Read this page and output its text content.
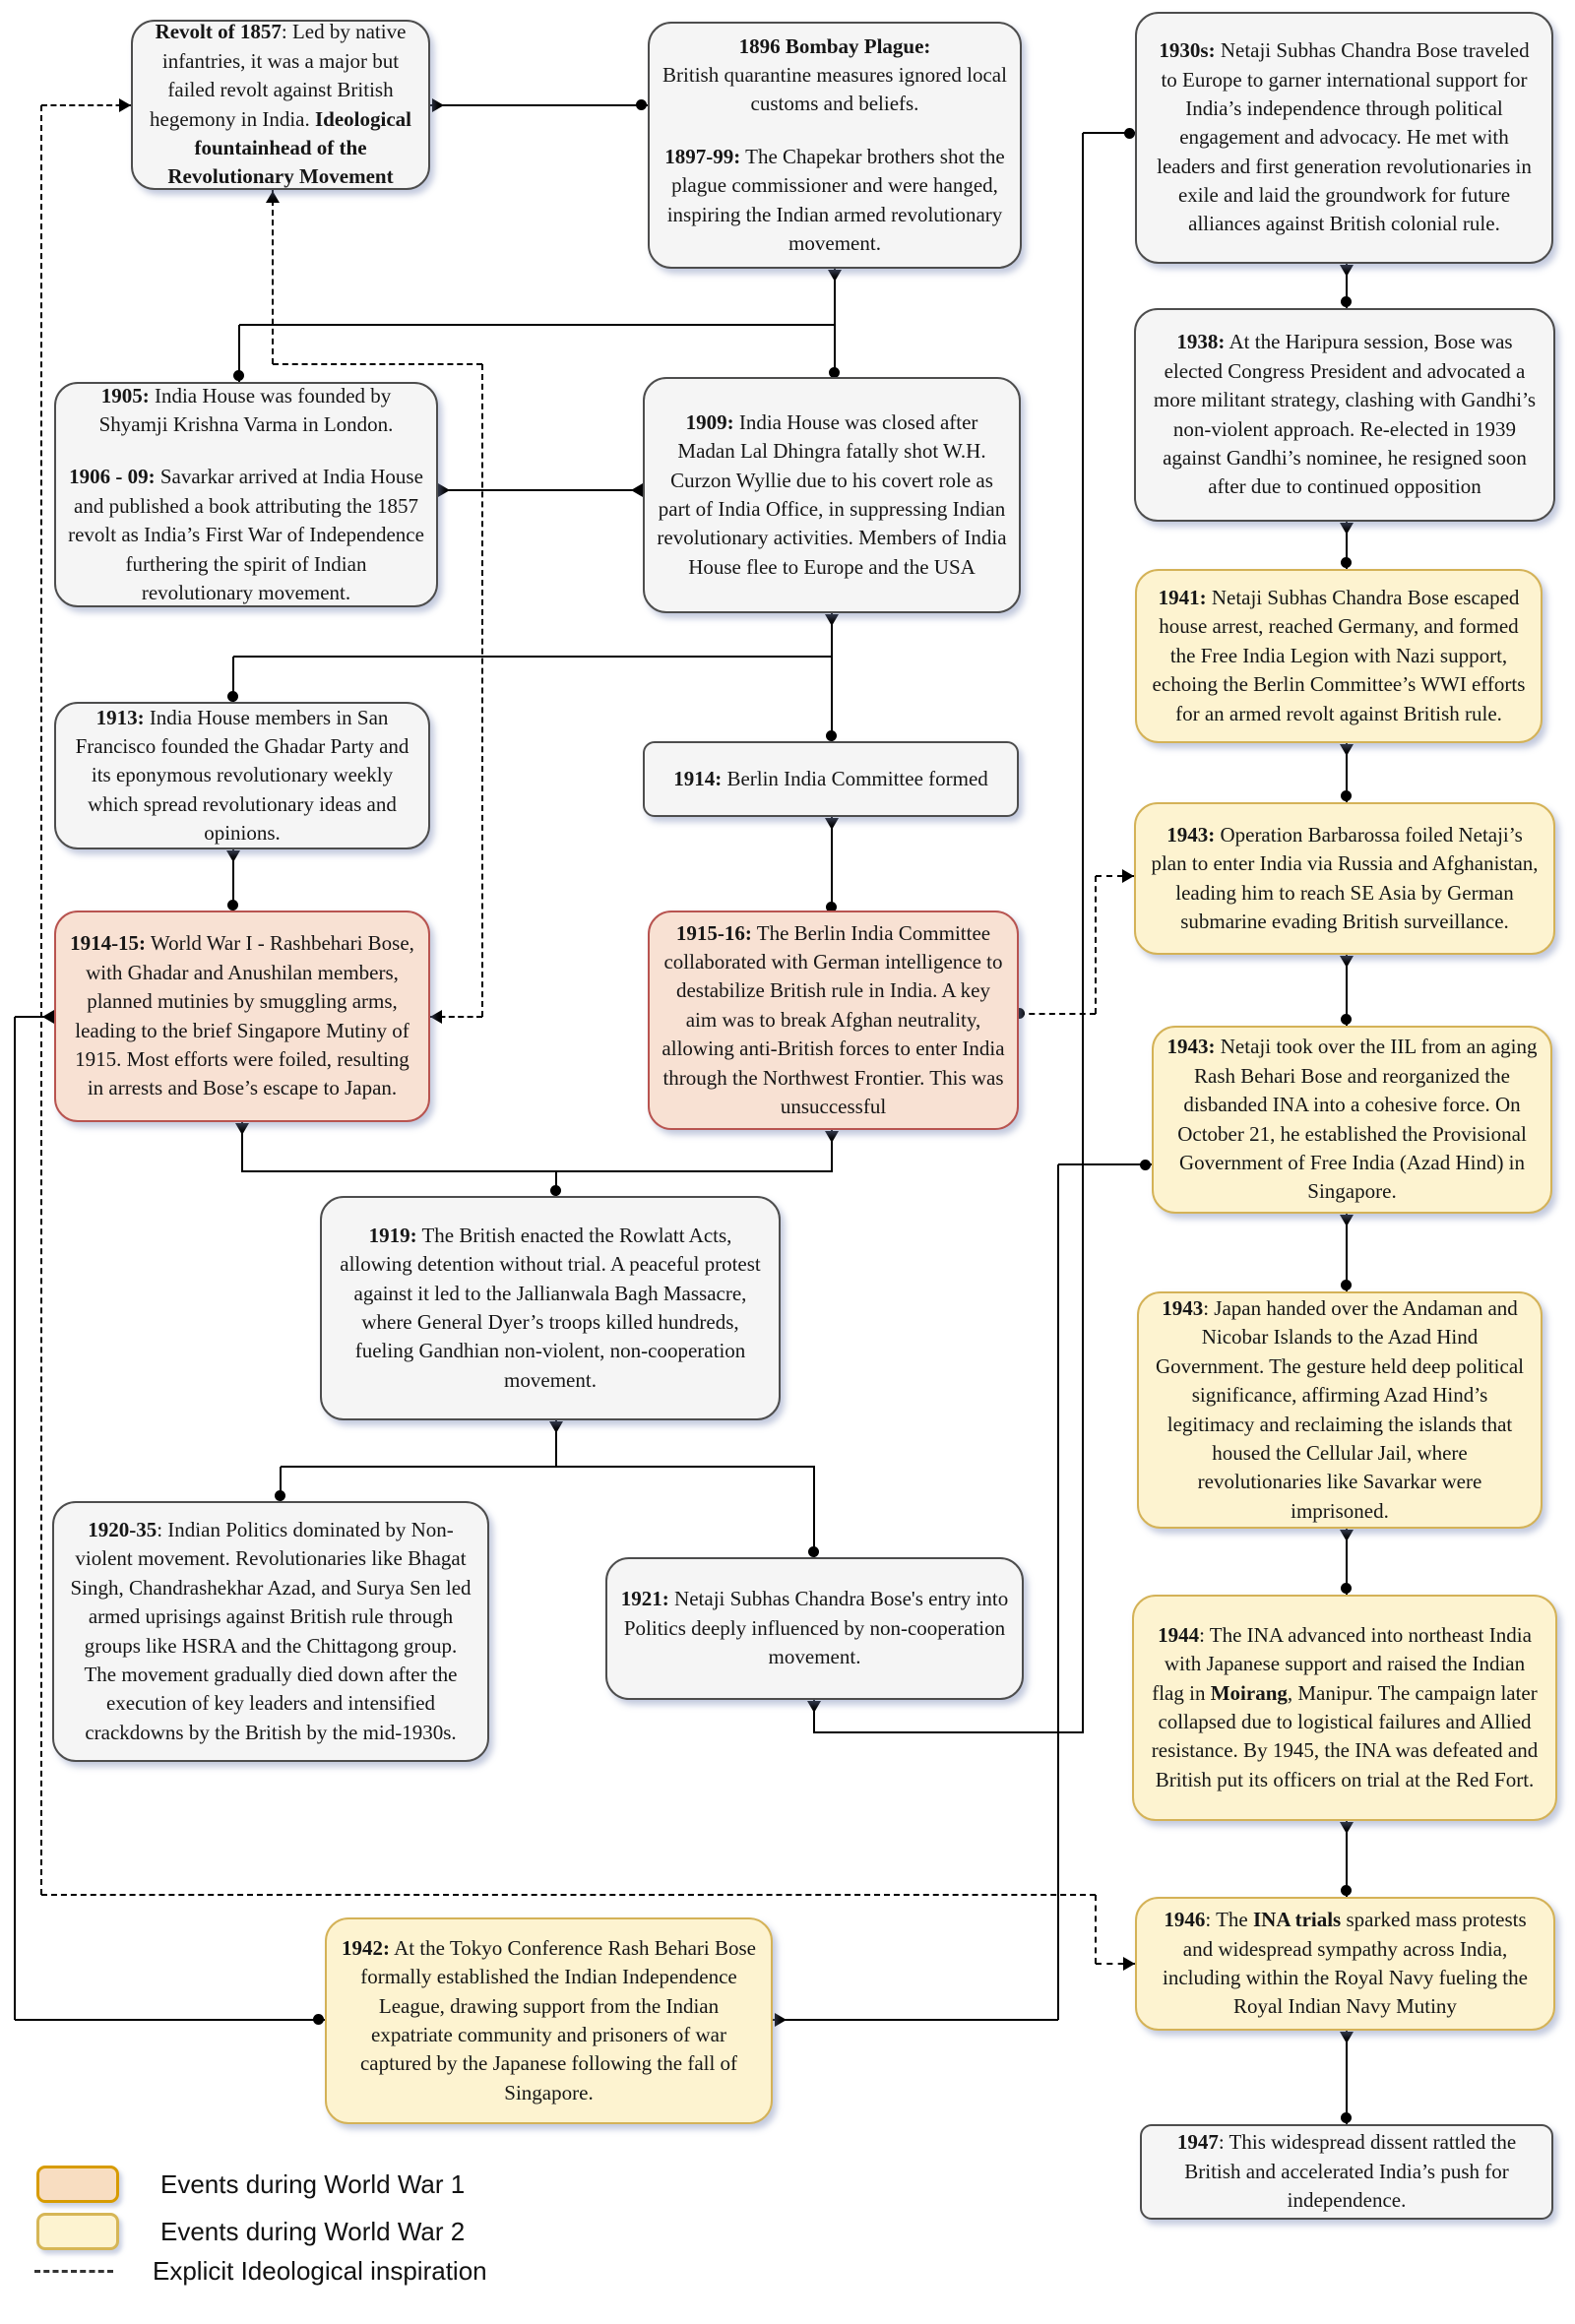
Revolt of 1857: Led by native infantries, it was a major but failed revolt against British hegemony in India. Ideological fountainhead of the Revolutionary Movement

1896 Bombay Plague:
British quarantine measures ignored local customs and beliefs.

1897-99: The Chapekar brothers shot the plague commissioner and were hanged, inspiring the Indian armed revolutionary movement.

1930s: Netaji Subhas Chandra Bose traveled to Europe to garner international support for India’s independence through political engagement and advocacy. He met with leaders and first generation revolutionaries in exile and laid the groundwork for future alliances against British colonial rule.

1905: India House was founded by Shyamji Krishna Varma in London.

1906 - 09: Savarkar arrived at India House and published a book attributing the 1857 revolt as India’s First War of Independence furthering the spirit of Indian revolutionary movement.

1909: India House was closed after Madan Lal Dhingra fatally shot W.H. Curzon Wyllie due to his covert role as part of India Office, in suppressing Indian revolutionary activities. Members of India House flee to Europe and the USA
1938: At the Haripura session, Bose was elected Congress President and advocated a more militant strategy, clashing with Gandhi’s non-violent approach. Re-elected in 1939 against Gandhi’s nominee, he resigned soon after due to continued opposition
1913: India House members in San Francisco founded the Ghadar Party and its eponymous revolutionary weekly which spread revolutionary ideas and opinions.
1914: Berlin India Committee formed
1941: Netaji Subhas Chandra Bose escaped house arrest, reached Germany, and formed the Free India Legion with Nazi support, echoing the Berlin Committee’s WWI efforts for an armed revolt against British rule.
1914-15: World War I - Rashbehari Bose, with Ghadar and Anushilan members, planned mutinies by smuggling arms, leading to the brief Singapore Mutiny of 1915. Most efforts were foiled, resulting in arrests and Bose’s escape to Japan.
1915-16: The Berlin India Committee collaborated with German intelligence to destabilize British rule in India. A key aim was to break Afghan neutrality, allowing anti-British forces to enter India through the Northwest Frontier. This was unsuccessful
1943: Operation Barbarossa foiled Netaji’s plan to enter India via Russia and Afghanistan, leading him to reach SE Asia by German submarine evading British surveillance.
1943: Netaji took over the IIL from an aging Rash Behari Bose and reorganized the disbanded INA into a cohesive force. On October 21, he established the Provisional Government of Free India (Azad Hind) in Singapore.
1919: The British enacted the Rowlatt Acts, allowing detention without trial. A peaceful protest against it led to the Jallianwala Bagh Massacre, where General Dyer’s troops killed hundreds, fueling Gandhian non-violent, non-cooperation movement.
1920-35: Indian Politics dominated by Non-violent movement. Revolutionaries like Bhagat Singh, Chandrashekhar Azad, and Surya Sen led armed uprisings against British rule through groups like HSRA and the Chittagong group. The movement gradually died down after the execution of key leaders and intensified crackdowns by the British by the mid-1930s.
1921: Netaji Subhas Chandra Bose's entry into Politics deeply influenced by non-cooperation movement.
1943: Japan handed over the Andaman and Nicobar Islands to the Azad Hind Government. The gesture held deep political significance, affirming Azad Hind’s legitimacy and reclaiming the islands that housed the Cellular Jail, where revolutionaries like Savarkar were imprisoned.
1944: The INA advanced into northeast India with Japanese support and raised the Indian flag in Moirang, Manipur. The campaign later collapsed due to logistical failures and Allied resistance. By 1945, the INA was defeated and British put its officers on trial at the Red Fort.
1942: At the Tokyo Conference Rash Behari Bose formally established the Indian Independence League, drawing support from the Indian expatriate community and prisoners of war captured by the Japanese following the fall of Singapore.
1946: The INA trials sparked mass protests and widespread sympathy across India, including within the Royal Navy fueling the Royal Indian Navy Mutiny
1947: This widespread dissent rattled the British and accelerated India’s push for independence.
Events during World War 1
Events during World War 2
Explicit Ideological inspiration
